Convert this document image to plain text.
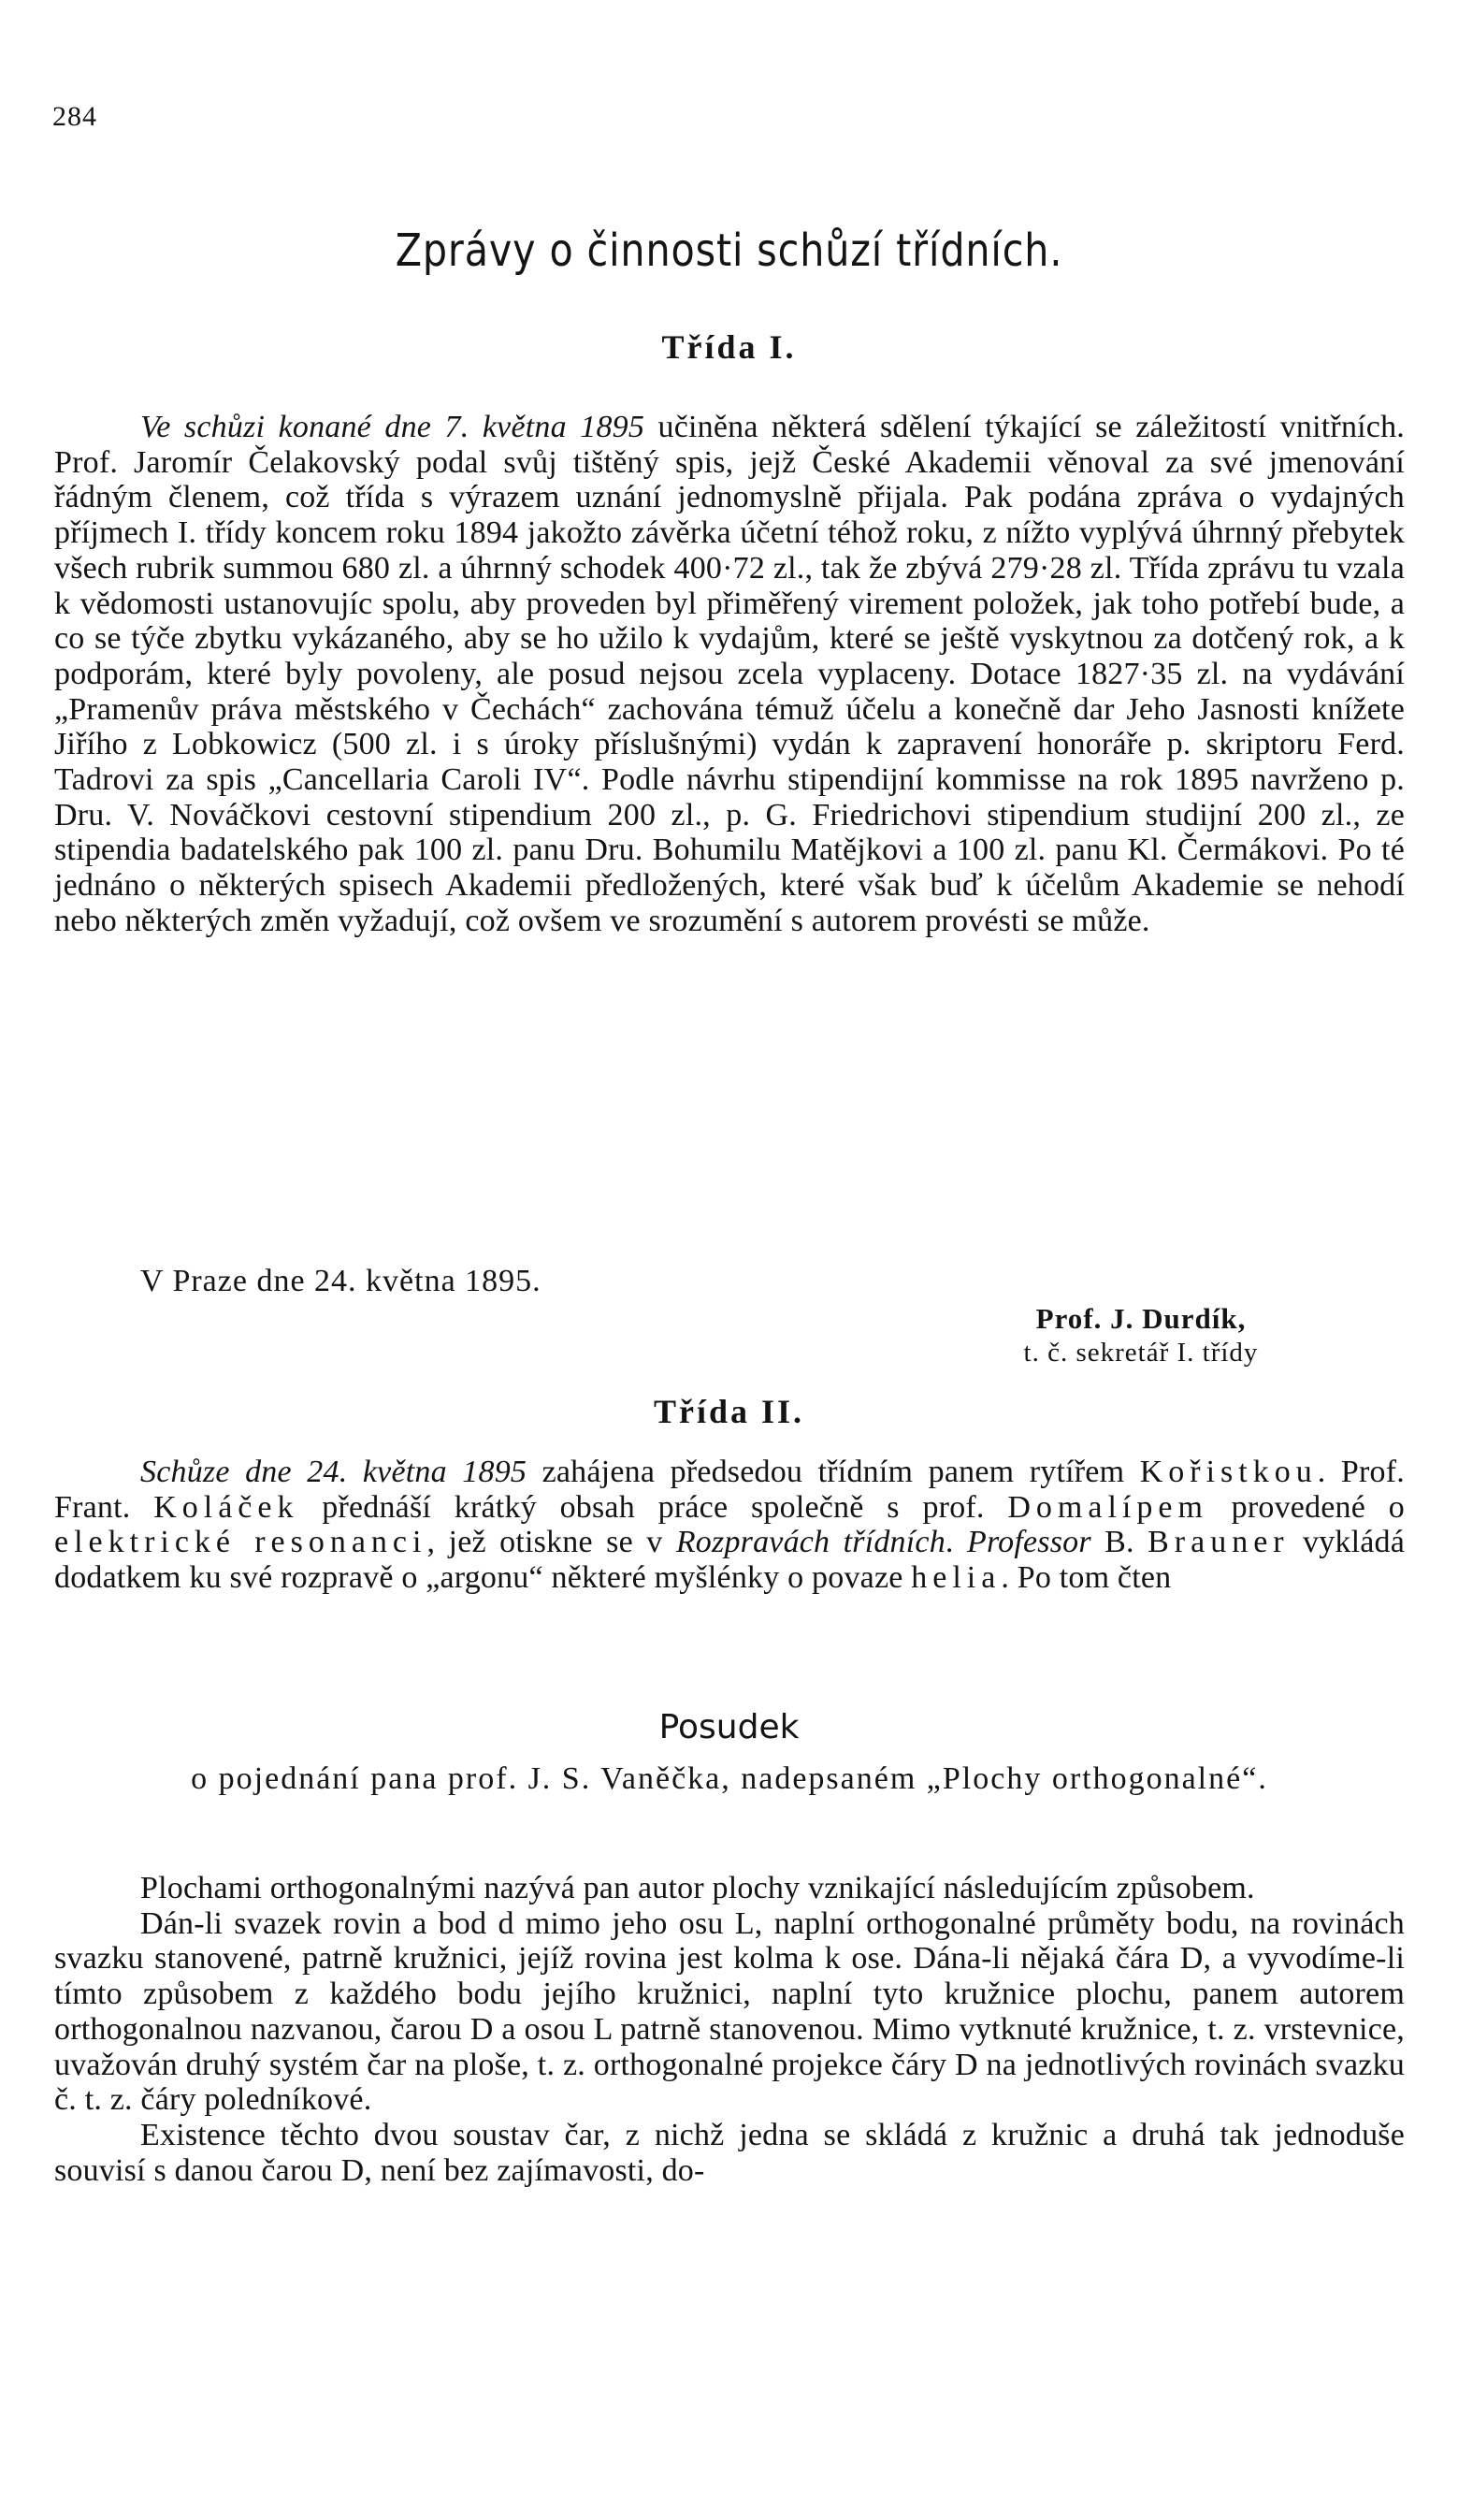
284
Zprávy o činnosti schůzí třídních.
Třída I.

Ve schůzi konané dne 7. května 1895 učiněna některá sdělení týkající se záležitostí vnitřních. Prof. Jaromír Čelakovský podal svůj tištěný spis, jejž České Akademii věnoval za své jmenování řádným členem, což třída s výrazem uznání jednomyslně přijala. Pak podána zpráva o vydajných příjmech I. třídy koncem roku 1894 jakožto závěrka účetní téhož roku, z nížto vyplývá úhrnný přebytek všech rubrik summou 680 zl. a úhrnný schodek 400·72 zl., tak že zbývá 279·28 zl. Třída zprávu tu vzala k vědomosti ustanovujíc spolu, aby proveden byl přiměřený virement položek, jak toho potřebí bude, a co se týče zbytku vykázaného, aby se ho užilo k vydajům, které se ještě vyskytnou za dotčený rok, a k podporám, které byly povoleny, ale posud nejsou zcela vyplaceny. Dotace 1827·35 zl. na vydávání „Pramenův práva městského v Čechách“ zachována témuž účelu a konečně dar Jeho Jasnosti knížete Jiřího z Lobkowicz (500 zl. i s úroky příslušnými) vydán k zapravení honoráře p. skriptoru Ferd. Tadrovi za spis „Cancellaria Caroli IV“. Podle návrhu stipendijní kommisse na rok 1895 navrženo p. Dru. V. Nováčkovi cestovní stipendium 200 zl., p. G. Friedrichovi stipendium studijní 200 zl., ze stipendia badatelského pak 100 zl. panu Dru. Bohumilu Matějkovi a 100 zl. panu Kl. Čermákovi. Po té jednáno o některých spisech Akademii předložených, které však buď k účelům Akademie se nehodí nebo některých změn vyžadují, což ovšem ve srozumění s autorem provésti se může.

V Praze dne 24. května 1895.
Prof. J. Durdík,
t. č. sekretář I. třídy
Třída II.

Schůze dne 24. května 1895 zahájena předsedou třídním panem rytířem Kořistkou. Prof. Frant. Koláček přednáší krátký obsah práce společně s prof. Domalípem provedené o elektrické resonanci, jež otiskne se v Rozpravách třídních. Professor B. Brauner vykládá dodatkem ku své rozpravě o „argonu“ některé myšlénky o povaze helia. Po tom čten

Posudek
o pojednání pana prof. J. S. Vaněčka, nadepsaném „Plochy orthogonalné“.

Plochami orthogonalnými nazývá pan autor plochy vznikající následujícím způsobem.

Dán-li svazek rovin a bod d mimo jeho osu L, naplní orthogonalné průměty bodu, na rovinách svazku stanovené, patrně kružnici, jejíž rovina jest kolma k ose. Dána-li nějaká čára D, a vyvodíme-li tímto způsobem z každého bodu jejího kružnici, naplní tyto kružnice plochu, panem autorem orthogonalnou nazvanou, čarou D a osou L patrně stanovenou. Mimo vytknuté kružnice, t. z. vrstevnice, uvažován druhý systém čar na ploše, t. z. orthogonalné projekce čáry D na jednotlivých rovinách svazku č. t. z. čáry poledníkové.

Existence těchto dvou soustav čar, z nichž jedna se skládá z kružnic a druhá tak jednoduše souvisí s danou čarou D, není bez zajímavosti, do-
